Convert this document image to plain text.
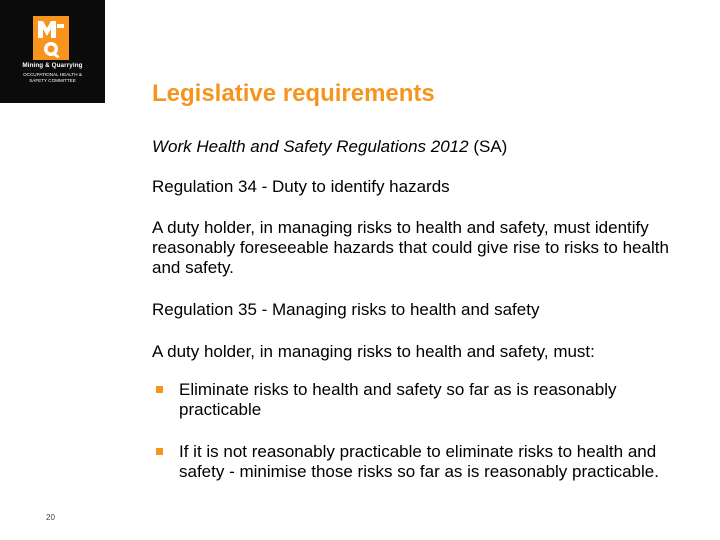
Mining & Quarrying
OCCUPATIONAL HEALTH &
SAFETY COMMITTEE
20
Legislative requirements

Work Health and Safety Regulations 2012 (SA)

Regulation 34 - Duty to identify hazards

A duty holder, in managing risks to health and safety, must identify reasonably foreseeable hazards that could give rise to risks to health and safety.

Regulation 35 - Managing risks to health and safety

A duty holder, in managing risks to health and safety, must:

Eliminate risks to health and safety so far as is reasonably practicable
If it is not reasonably practicable to eliminate risks to health and safety - minimise those risks so far as is reasonably practicable.
